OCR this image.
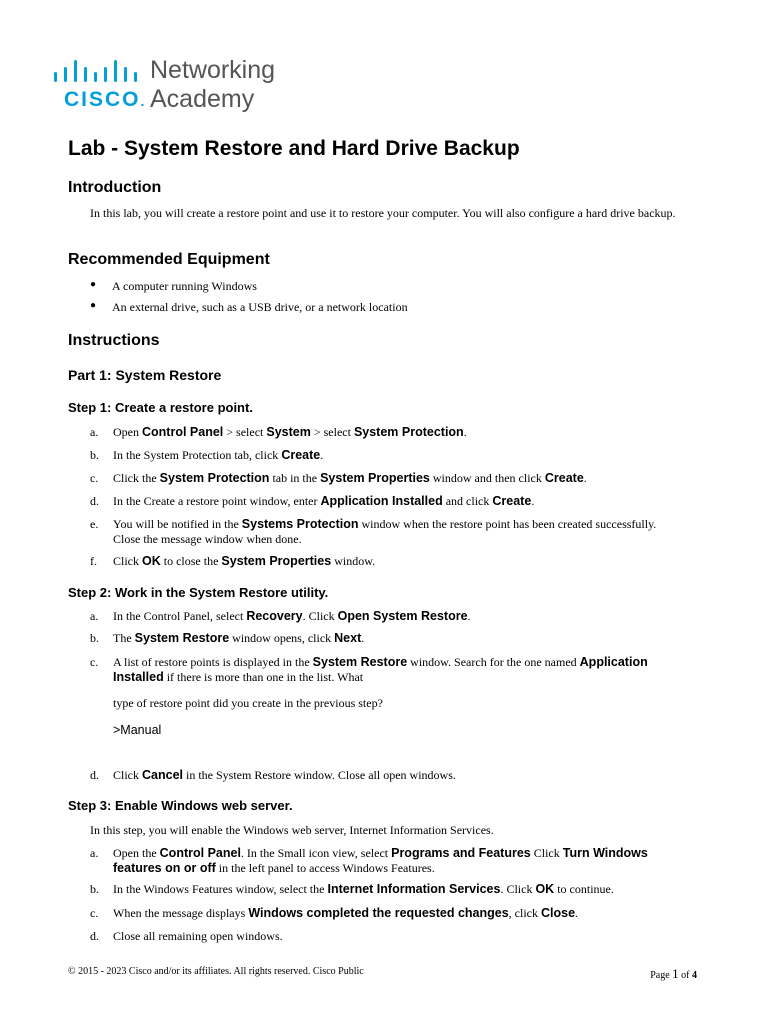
CISCO.
Networking
Academy
Lab - System Restore and Hard Drive Backup
Introduction
In this lab, you will create a restore point and use it to restore your computer. You will also configure a hard drive backup.
Recommended Equipment
● A computer running Windows
● An external drive, such as a USB drive, or a network location
Instructions
Part 1: System Restore
Step 1: Create a restore point.
a. Open Control Panel > select System > select System Protection.
b. In the System Protection tab, click Create.
c. Click the System Protection tab in the System Properties window and then click Create.
d. In the Create a restore point window, enter Application Installed and click Create.
e. You will be notified in the Systems Protection window when the restore point has been created successfully. Close the message window when done.
f. Click OK to close the System Properties window.
Step 2: Work in the System Restore utility.
a. In the Control Panel, select Recovery. Click Open System Restore.
b. The System Restore window opens, click Next.
c. A list of restore points is displayed in the System Restore window. Search for the one named Application Installed if there is more than one in the list. What
type of restore point did you create in the previous step?
>Manual
d. Click Cancel in the System Restore window. Close all open windows.
Step 3: Enable Windows web server.
In this step, you will enable the Windows web server, Internet Information Services.
a. Open the Control Panel. In the Small icon view, select Programs and Features Click Turn Windows features on or off in the left panel to access Windows Features.
b. In the Windows Features window, select the Internet Information Services. Click OK to continue.
c. When the message displays Windows completed the requested changes, click Close.
d. Close all remaining open windows.
© 2015 - 2023 Cisco and/or its affiliates. All rights reserved. Cisco Public	Page 1 of 4
